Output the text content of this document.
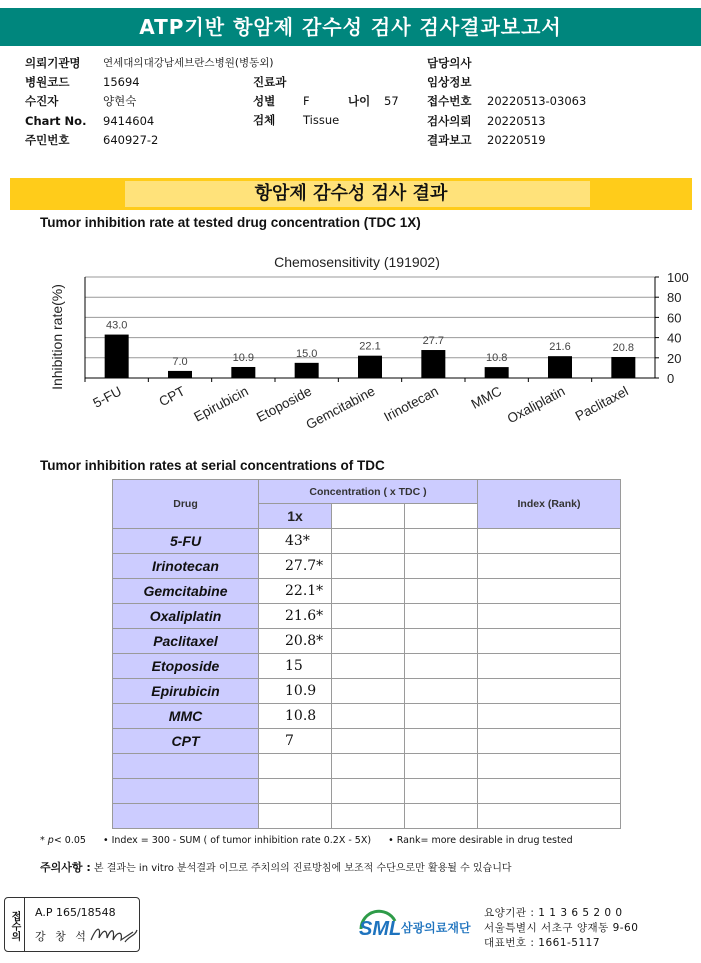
ATP기반 항암제 감수성 검사 검사결과보고서
의뢰기관명 연세대의대강남세브란스병원(병동외)
병원코드	15694
수진자	양현숙
Chart No. 9414604
주민번호	640927-2
진료과
성별 F	나이 57
검체 Tissue
담당의사
임상정보
접수번호 20220513-03063
검사의뢰 20220513
결과보고 20220519
항암제 감수성 검사 결과
Tumor inhibition rate at tested drug concentration (TDC 1X)
Chemosensitivity (191902)
Inhibition rate(%)	0
20
40
60
80
100
43.0
7.0	10.9	15.0
22.1	27.7
10.8
21.6	20.8
5-FU CPT Epirubicin Etoposide
Gemcitabine Irinotecan MMC Oxaliplatin Paclitaxel
Tumor inhibition rates at serial concentrations of TDC
Drug	Concentration ( x TDC )			Index (Rank)
	1x			
5-FU	43*			
Irinotecan	27.7*			
Gemcitabine	22.1*			
Oxaliplatin	21.6*			
Paclitaxel	20.8*			
Etoposide	15			
Epirubicin	10.9			
MMC	10.8			
CPT	7			

* p< 0.05 • Index = 300 - SUM ( of tumor inhibition rate 0.2X - 5X) • Rank= more desirable in drug tested
주의사항 : 본 결과는 in vitro 분석결과 이므로 주치의의 진료방침에 보조적 수단으로만 활용될 수 있습니다
접수의	A.P 165/18548
강 창 석	SML 삼광의료재단
요양기관 : 1 1 3 6 5 2 0 0
서울특별시 서초구 양재동 9-60
대표번호 : 1661-5117
